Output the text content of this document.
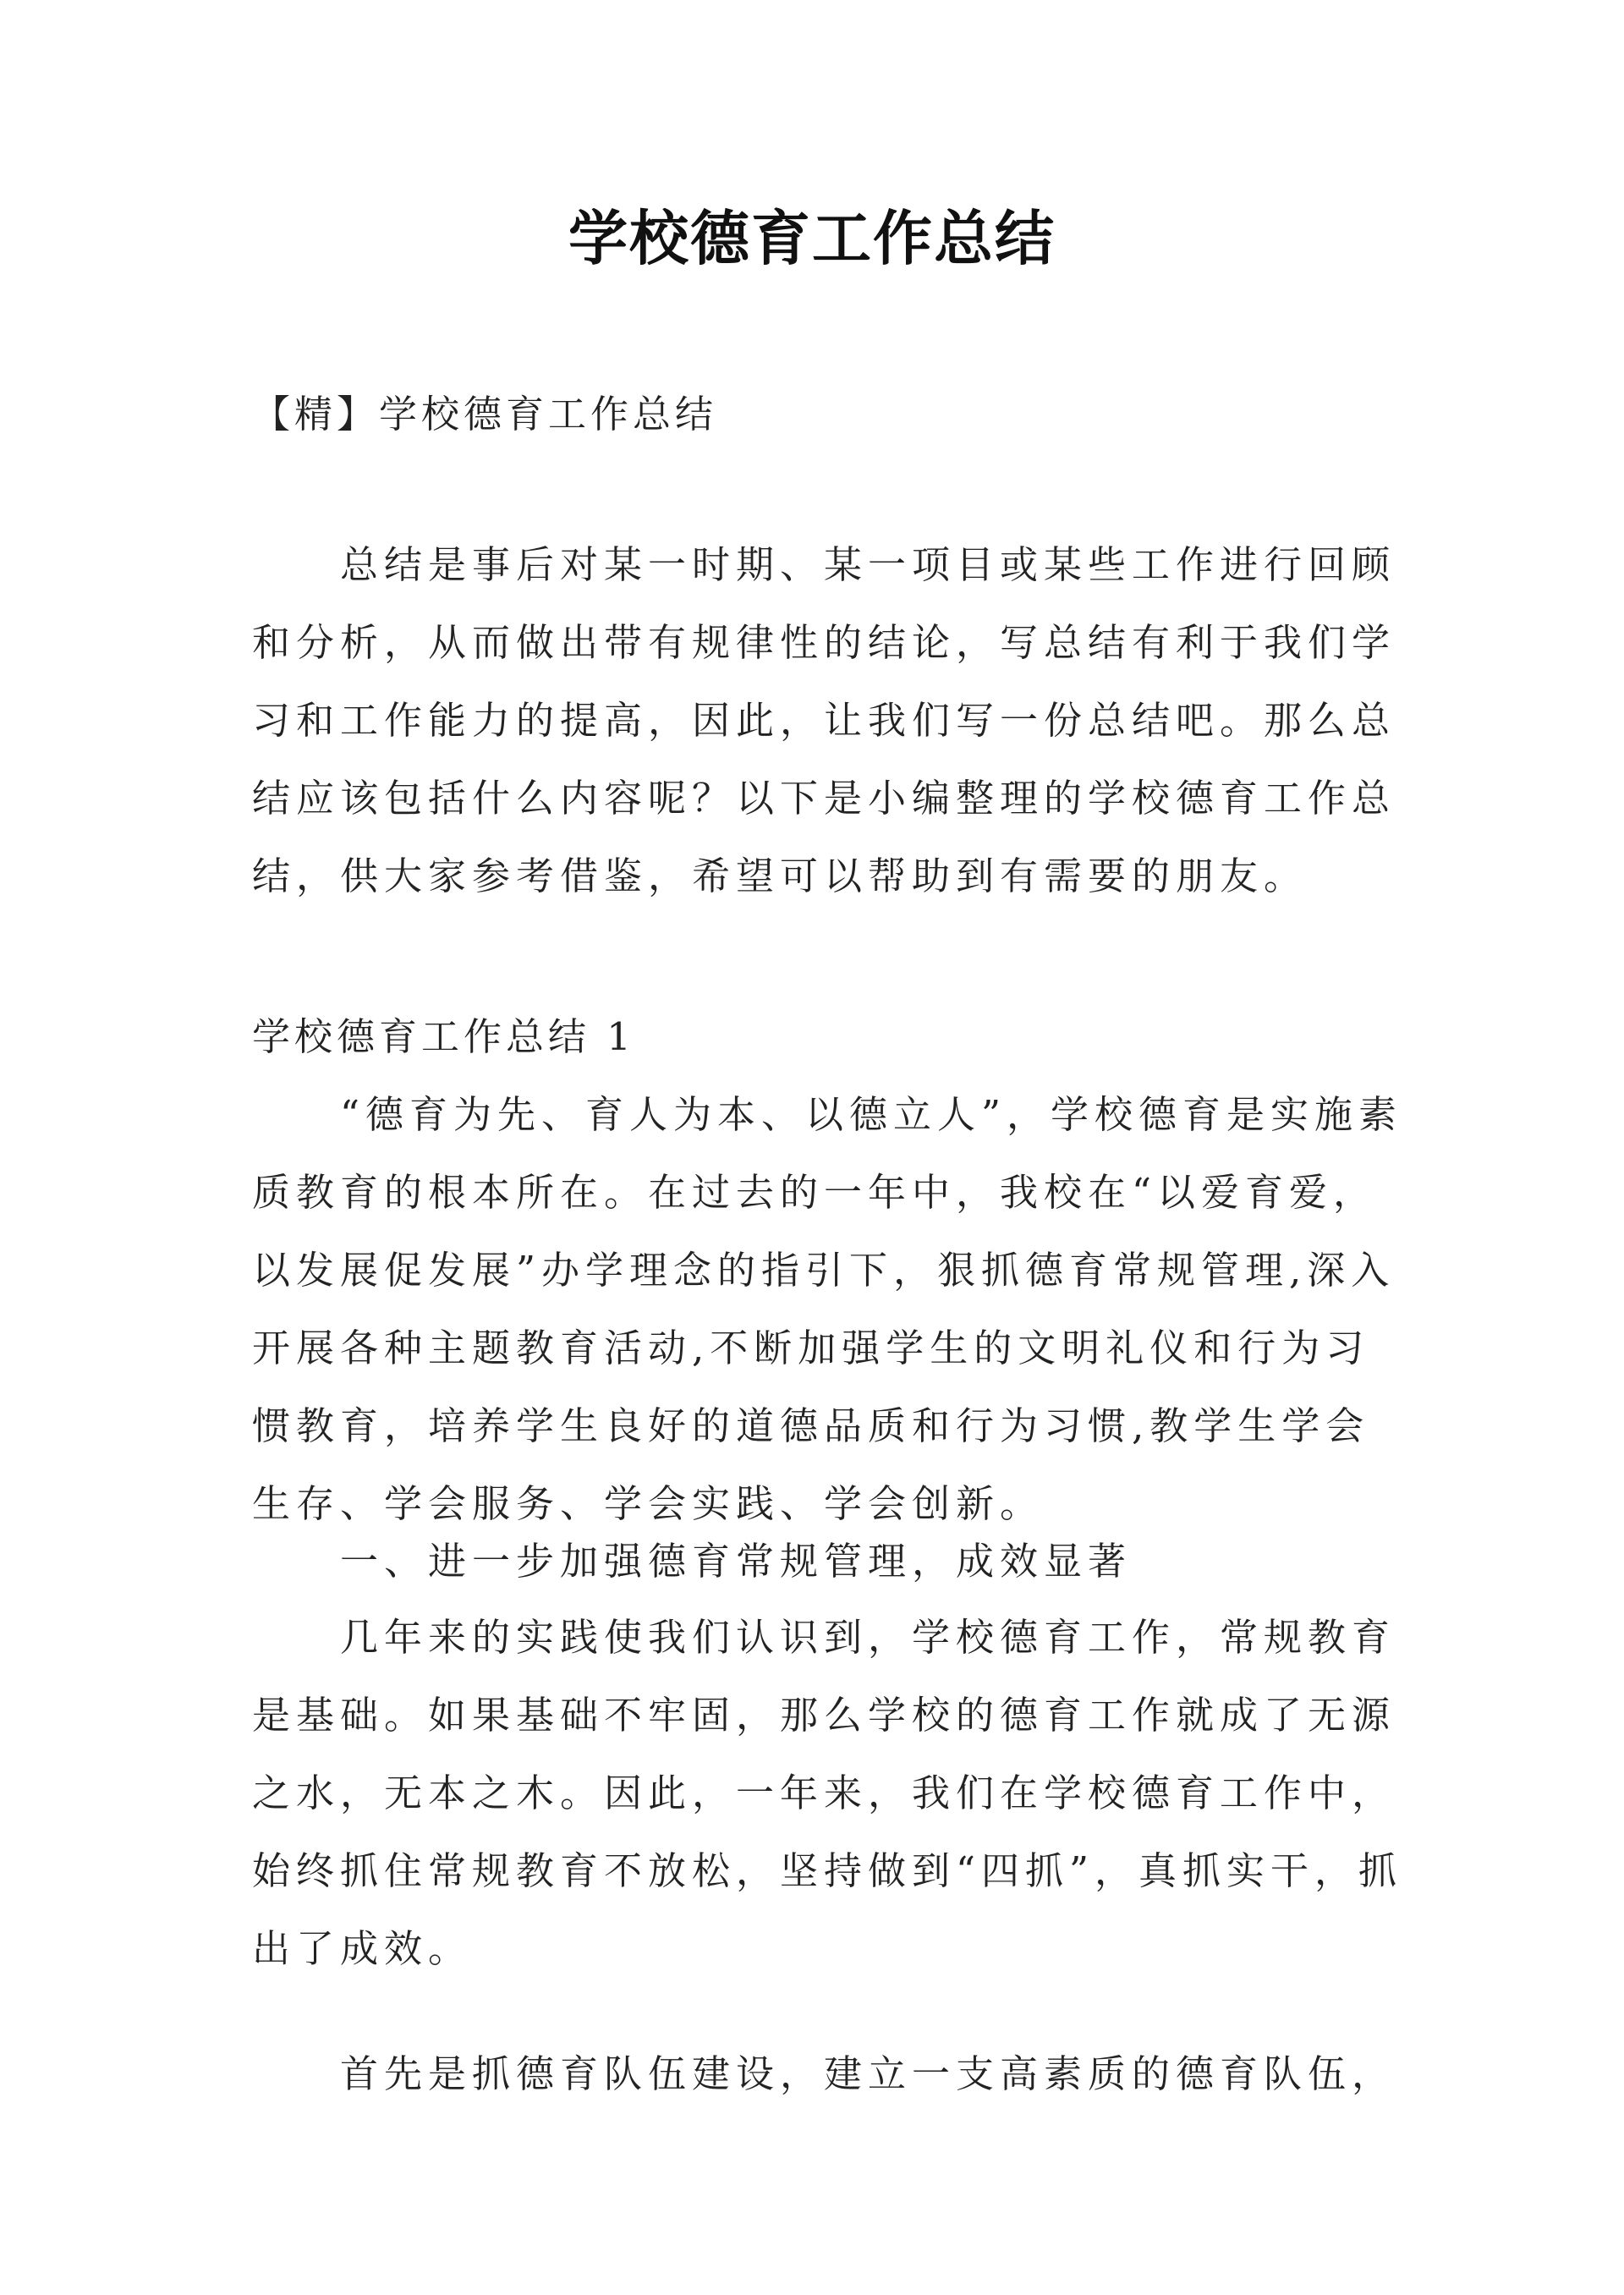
学校德育工作总结
【精】学校德育工作总结
总结是事后对某一时期、某一项目或某些工作进行回顾和分析，从而做出带有规律性的结论，写总结有利于我们学习和工作能力的提高，因此，让我们写一份总结吧。那么总结应该包括什么内容呢？以下是小编整理的学校德育工作总结，供大家参考借鉴，希望可以帮助到有需要的朋友。
学校德育工作总结 1
“德育为先、育人为本、以德立人”，学校德育是实施素质教育的根本所在。在过去的一年中，我校在“以爱育爱，以发展促发展”办学理念的指引下，狠抓德育常规管理,深入开展各种主题教育活动,不断加强学生的文明礼仪和行为习惯教育，培养学生良好的道德品质和行为习惯,教学生学会生存、学会服务、学会实践、学会创新。
一、进一步加强德育常规管理，成效显著
几年来的实践使我们认识到，学校德育工作，常规教育是基础。如果基础不牢固，那么学校的德育工作就成了无源之水，无本之木。因此，一年来，我们在学校德育工作中，始终抓住常规教育不放松，坚持做到“四抓”，真抓实干，抓出了成效。
首先是抓德育队伍建设，建立一支高素质的德育队伍，
